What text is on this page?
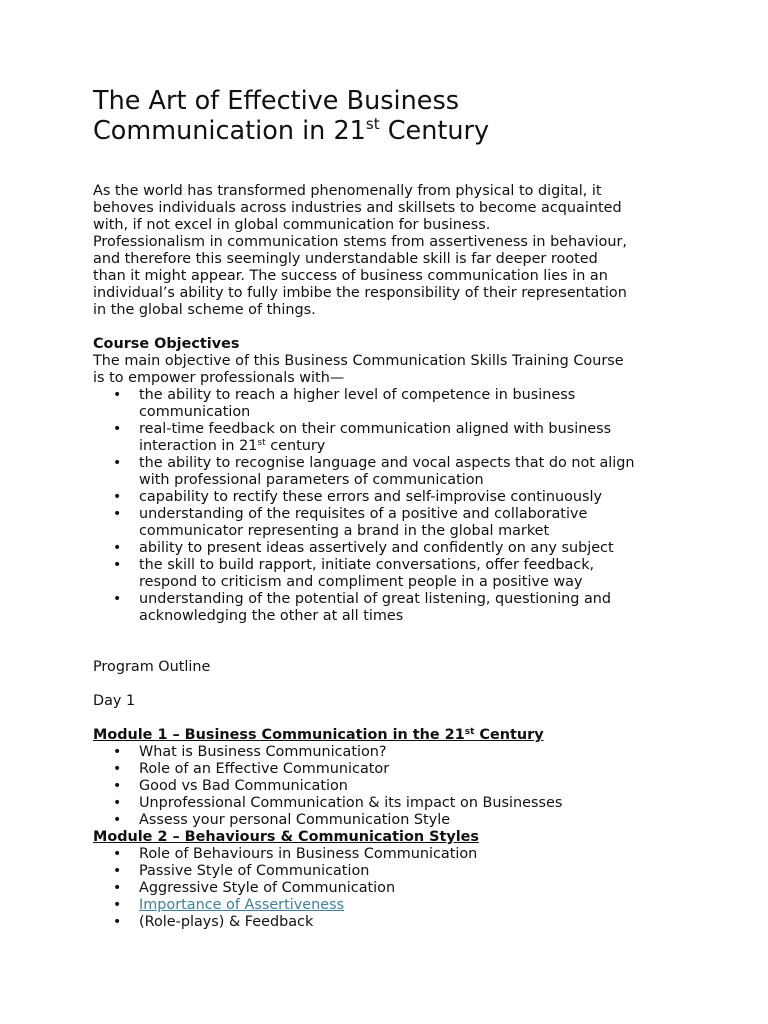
The Art of Effective Business
Communication in 21st Century

As the world has transformed phenomenally from physical to digital, it
behoves individuals across industries and skillsets to become acquainted
with, if not excel in global communication for business.
Professionalism in communication stems from assertiveness in behaviour,
and therefore this seemingly understandable skill is far deeper rooted
than it might appear. The success of business communication lies in an
individual’s ability to fully imbibe the responsibility of their representation
in the global scheme of things.

Course Objectives
The main objective of this Business Communication Skills Training Course
is to empower professionals with—
• the ability to reach a higher level of competence in business
communication
• real-time feedback on their communication aligned with business
interaction in 21st century
• the ability to recognise language and vocal aspects that do not align
with professional parameters of communication
• capability to rectify these errors and self-improvise continuously
• understanding of the requisites of a positive and collaborative
communicator representing a brand in the global market
• ability to present ideas assertively and confidently on any subject
• the skill to build rapport, initiate conversations, offer feedback,
respond to criticism and compliment people in a positive way
• understanding of the potential of great listening, questioning and
acknowledging the other at all times
Program Outline
Day 1
Module 1 – Business Communication in the 21st Century
• What is Business Communication?
• Role of an Effective Communicator
• Good vs Bad Communication
• Unprofessional Communication & its impact on Businesses
• Assess your personal Communication Style
Module 2 – Behaviours & Communication Styles
• Role of Behaviours in Business Communication
• Passive Style of Communication
• Aggressive Style of Communication
• Importance of Assertiveness
• (Role-plays) & Feedback
